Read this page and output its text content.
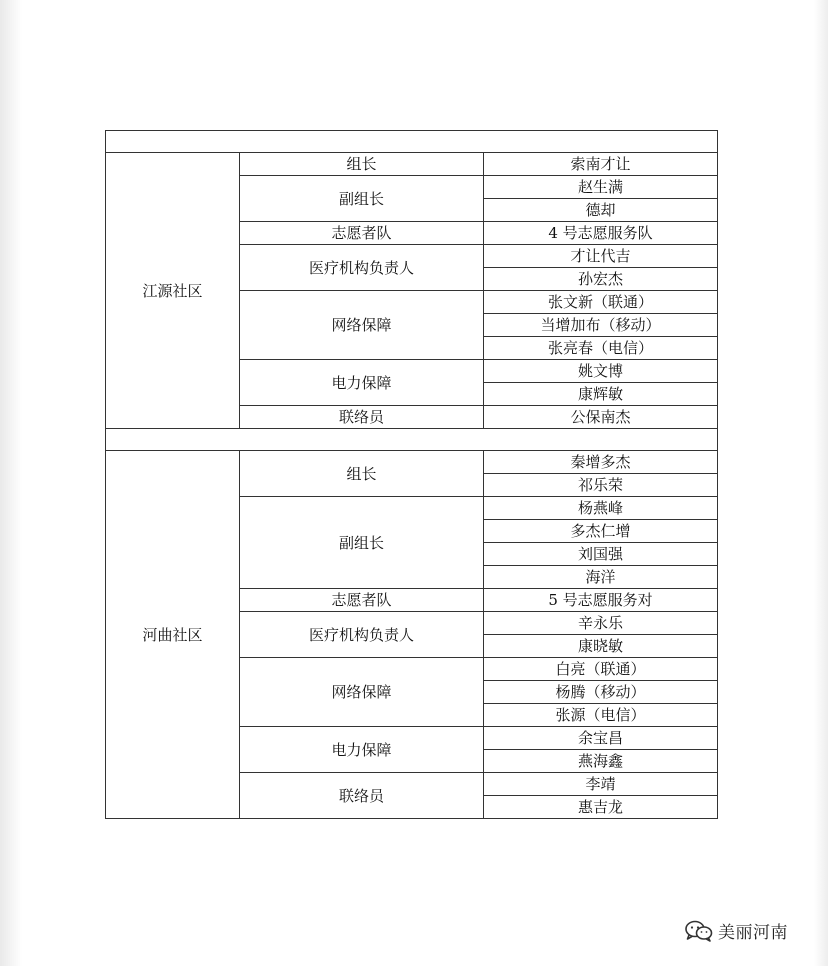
江源社区	组长	索南才让
	副组长	赵生满
		德却
	志愿者队	4 号志愿服务队
	医疗机构负责人	才让代吉
		孙宏杰
	网络保障	张文新（联通）
		当增加布（移动）
		张亮春（电信）
	电力保障	姚文博
		康辉敏
	联络员	公保南杰

河曲社区	组长	秦增多杰
		祁乐荣
	副组长	杨燕峰
		多杰仁增
		刘国强
		海洋
	志愿者队	5 号志愿服务对
	医疗机构负责人	辛永乐
		康晓敏
	网络保障	白亮（联通）
		杨腾（移动）
		张源（电信）
	电力保障	余宝昌
		燕海鑫
	联络员	李靖
		惠吉龙
美丽河南
